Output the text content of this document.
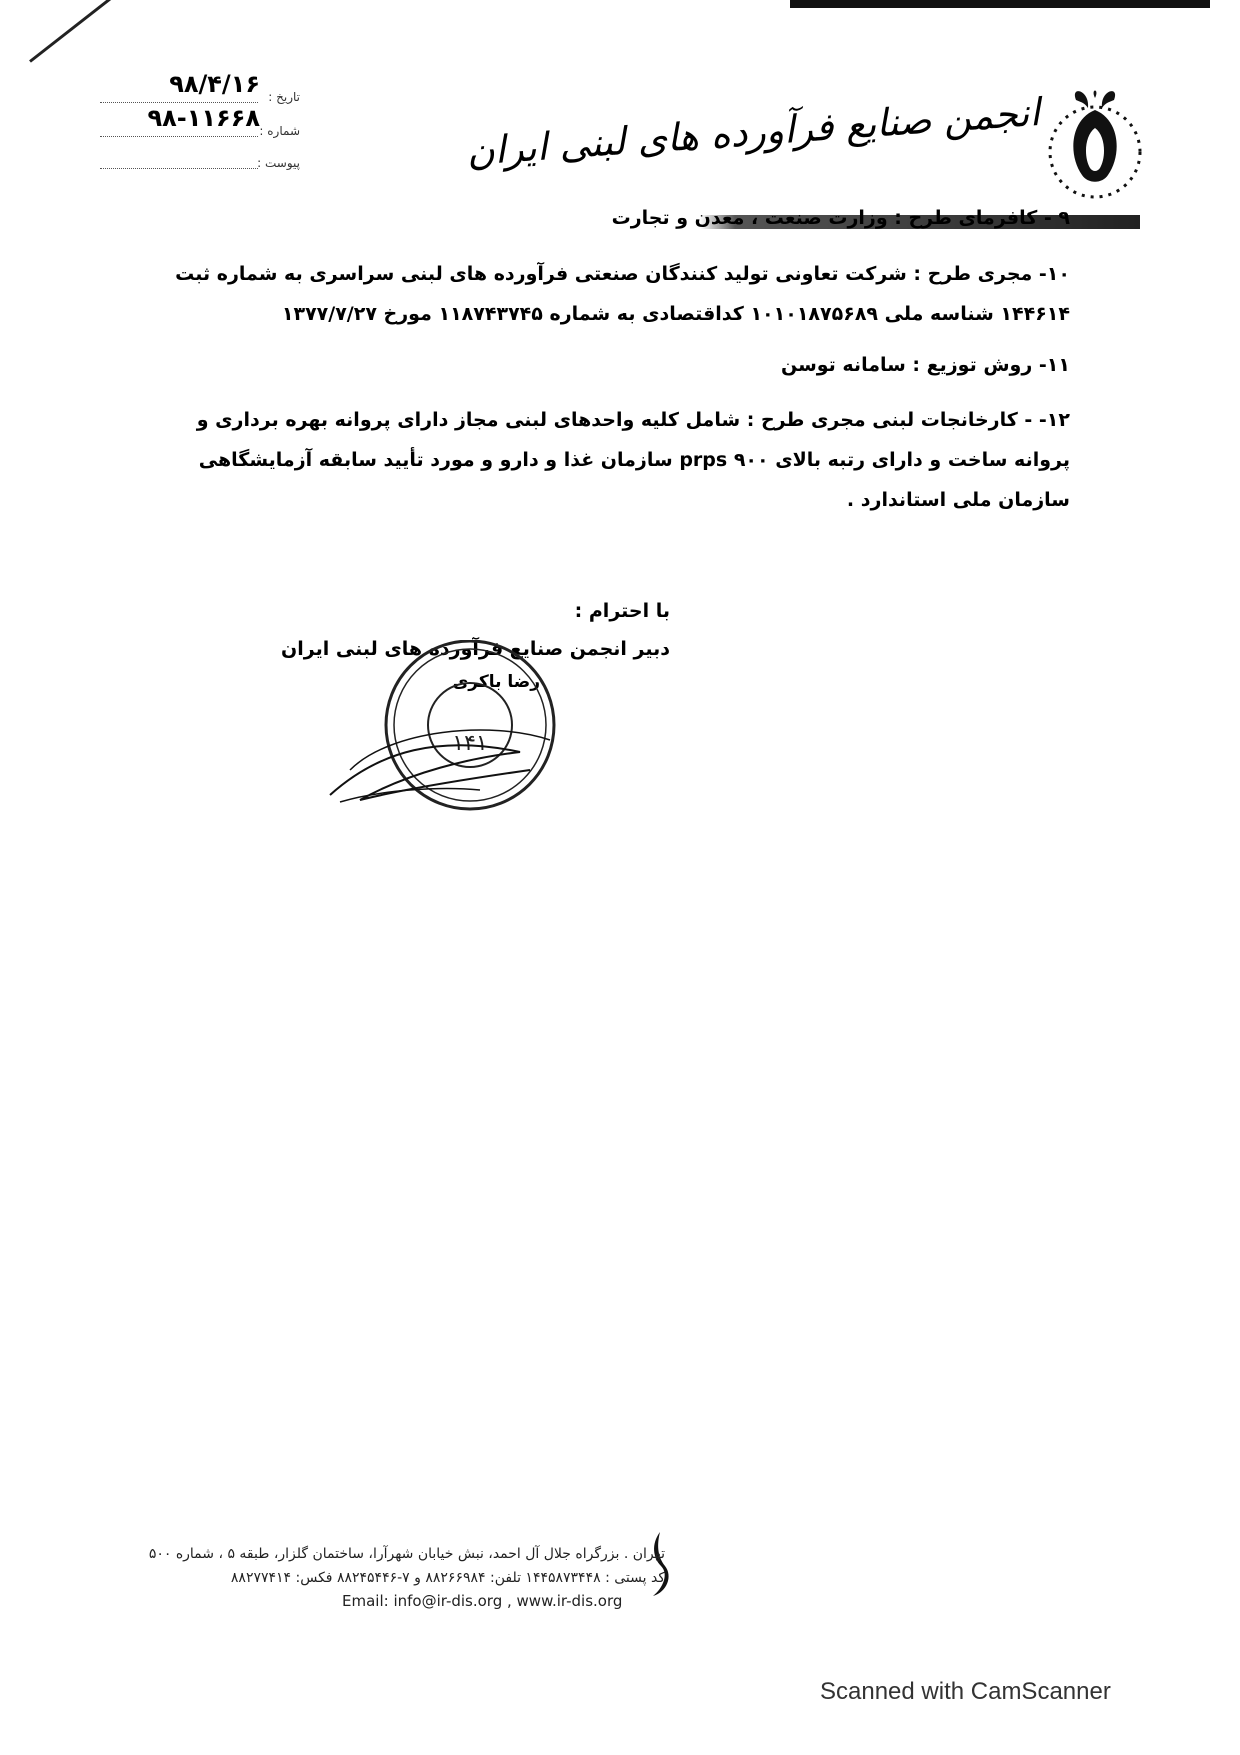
۹۸/۴/۱۶ تاریخ :
۹۸-۱۱۶۶۸ شماره :
پیوست :	انجمن صنایع فرآورده های لبنی ایران
۹ - کافرمای طرح : وزارت صنعت ، معدن و تجارت
۱۰- مجری طرح : شرکت تعاونی تولید کنندگان صنعتی فرآورده های لبنی سراسری به شماره ثبت ۱۴۴۶۱۴ شناسه ملی ۱۰۱۰۱۸۷۵۶۸۹ کداقتصادی به شماره ۱۱۸۷۴۳۷۴۵ مورخ ۱۳۷۷/۷/۲۷
۱۱- روش توزیع : سامانه توسن
۱۲- - کارخانجات لبنی مجری طرح : شامل کلیه واحدهای لبنی مجاز دارای پروانه بهره برداری و پروانه ساخت و دارای رتبه بالای ۹۰۰ prps سازمان غذا و دارو و مورد تأیید سابقه آزمایشگاهی سازمان ملی استاندارد .
با احترام :
دبیر انجمن صنایع فرآورده های لبنی ایران
رضا باکری
۱۴۱
تهران . بزرگراه جلال آل احمد، نبش خیابان شهرآرا، ساختمان گلزار، طبقه ۵ ، شماره ۵۰۰
کد پستی : ۱۴۴۵۸۷۳۴۴۸ تلفن: ۸۸۲۶۶۹۸۴ و ۷-۸۸۲۴۵۴۴۶ فکس: ۸۸۲۷۷۴۱۴
Email: info@ir-dis.org , www.ir-dis.org
Scanned with CamScanner
